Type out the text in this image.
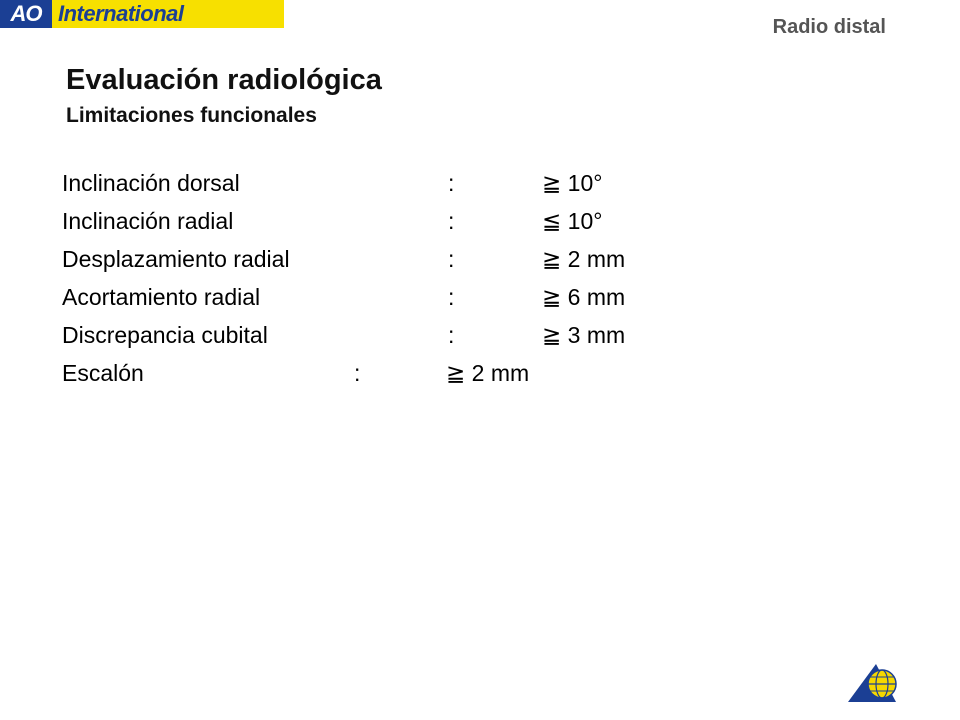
AO International
Radio distal
Evaluación radiológica
Limitaciones funcionales
Inclinación dorsal	:	≧ 10°
Inclinación radial	:	≦ 10°
Desplazamiento radial	:	≧ 2 mm
Acortamiento radial	:	≧ 6 mm
Discrepancia cubital	:	≧ 3 mm
Escalón	:	≧ 2 mm
